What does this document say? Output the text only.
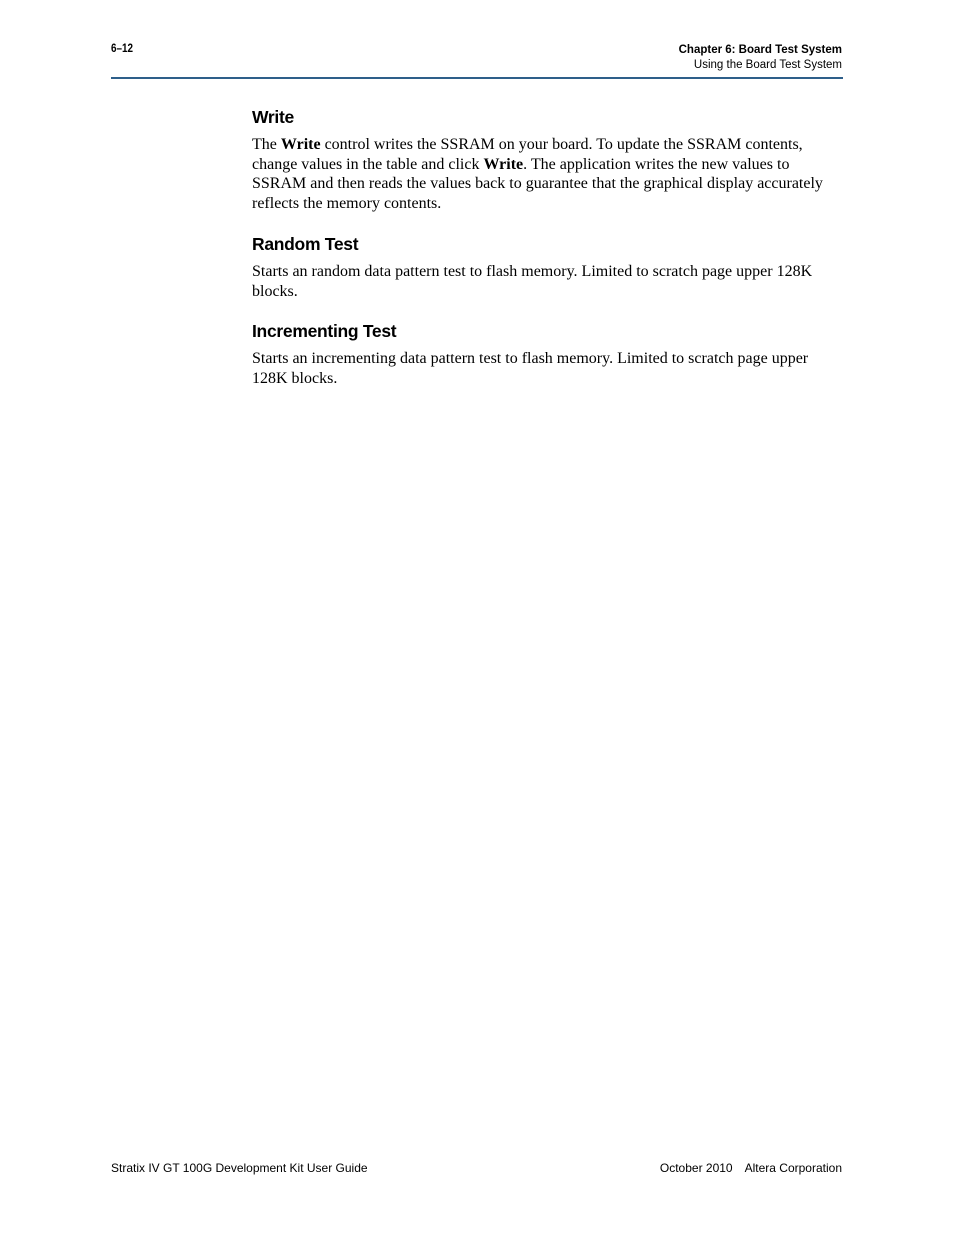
6–12	Chapter 6: Board Test System
Using the Board Test System
Write

The Write control writes the SSRAM on your board. To update the SSRAM contents, change values in the table and click Write. The application writes the new values to SSRAM and then reads the values back to guarantee that the graphical display accurately reflects the memory contents.

Random Test

Starts an random data pattern test to flash memory. Limited to scratch page upper 128K blocks.

Incrementing Test

Starts an incrementing data pattern test to flash memory. Limited to scratch page upper 128K blocks.

Stratix IV GT 100G Development Kit User Guide	October 2010 Altera Corporation
